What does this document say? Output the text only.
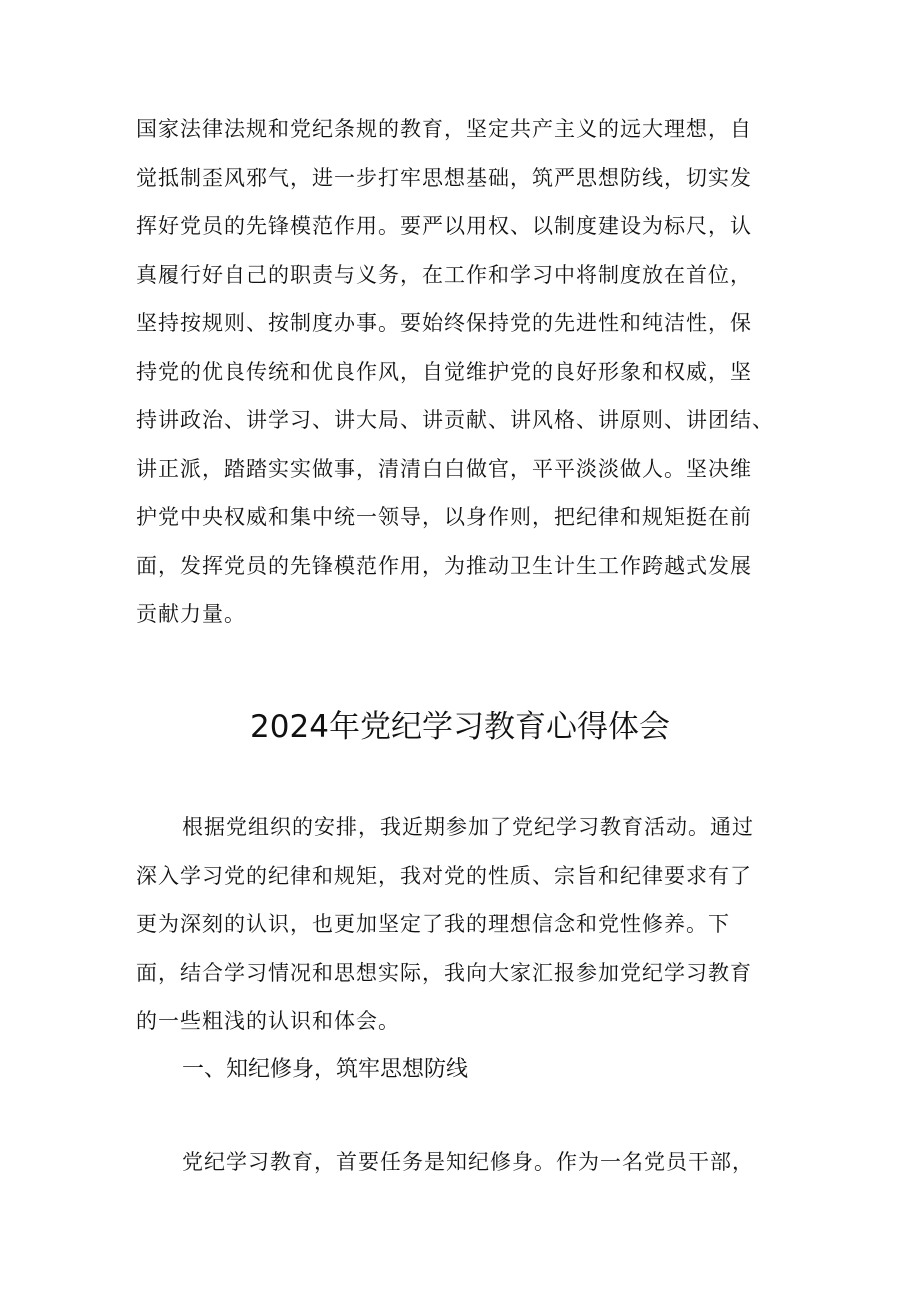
国家法律法规和党纪条规的教育，坚定共产主义的远大理想，自
觉抵制歪风邪气，进一步打牢思想基础，筑严思想防线，切实发
挥好党员的先锋模范作用。要严以用权、以制度建设为标尺，认
真履行好自己的职责与义务，在工作和学习中将制度放在首位，
坚持按规则、按制度办事。要始终保持党的先进性和纯洁性，保
持党的优良传统和优良作风，自觉维护党的良好形象和权威，坚
持讲政治、讲学习、讲大局、讲贡献、讲风格、讲原则、讲团结、
讲正派，踏踏实实做事，清清白白做官，平平淡淡做人。坚决维
护党中央权威和集中统一领导，以身作则，把纪律和规矩挺在前
面，发挥党员的先锋模范作用，为推动卫生计生工作跨越式发展
贡献力量。
2024年党纪学习教育心得体会
根据党组织的安排，我近期参加了党纪学习教育活动。通过
深入学习党的纪律和规矩，我对党的性质、宗旨和纪律要求有了
更为深刻的认识，也更加坚定了我的理想信念和党性修养。下
面，结合学习情况和思想实际，我向大家汇报参加党纪学习教育
的一些粗浅的认识和体会。
一、知纪修身，筑牢思想防线
党纪学习教育，首要任务是知纪修身。作为一名党员干部，
